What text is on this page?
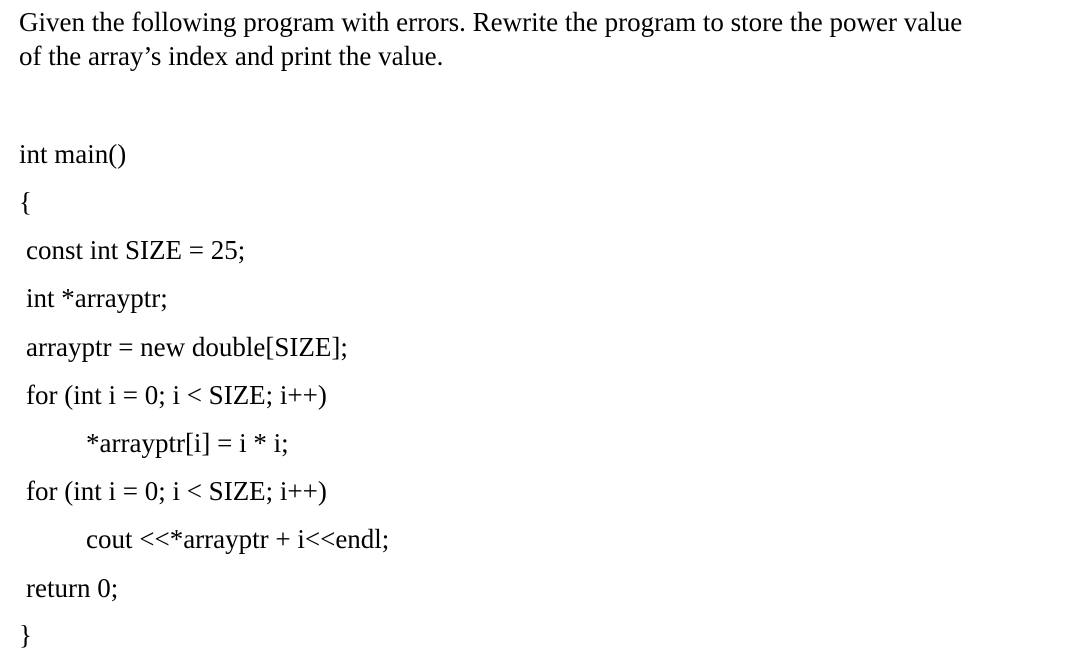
Given the following program with errors. Rewrite the program to store the power value
of the array’s index and print the value.
int main()
{
const int SIZE = 25;
int *arrayptr;
arrayptr = new double[SIZE];
for (int i = 0; i < SIZE; i++)
*arrayptr[i] = i * i;
for (int i = 0; i < SIZE; i++)
cout <<*arrayptr + i<<endl;
return 0;
}
